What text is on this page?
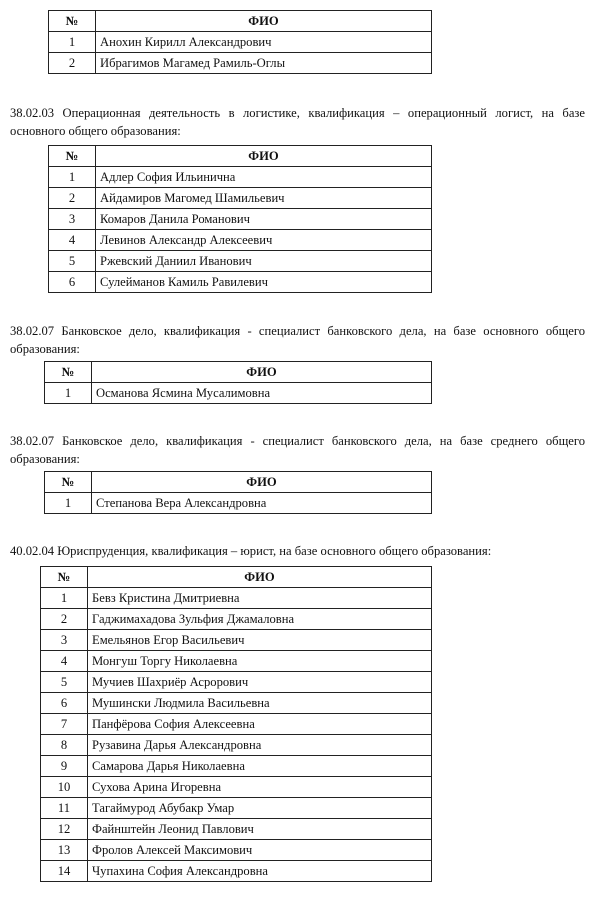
№	ФИО
1	Анохин Кирилл Александрович
2	Ибрагимов Магамед Рамиль-Оглы
38.02.03 Операционная деятельность в логистике, квалификация – операционный логист, на базе основного общего образования:
№	ФИО
1	Адлер София Ильинична
2	Айдамиров Магомед Шамильевич
3	Комаров Данила Романович
4	Левинов Александр Алексеевич
5	Ржевский Даниил Иванович
6	Сулейманов Камиль Равилевич
38.02.07 Банковское дело, квалификация - специалист банковского дела, на базе основного общего образования:
№	ФИО
1	Османова Ясмина Мусалимовна
38.02.07 Банковское дело, квалификация - специалист банковского дела, на базе среднего общего образования:
№	ФИО
1	Степанова Вера Александровна
40.02.04 Юриспруденция, квалификация – юрист, на базе основного общего образования:
№	ФИО
1	Бевз Кристина Дмитриевна
2	Гаджимахадова Зульфия Джамаловна
3	Емельянов Егор Васильевич
4	Монгуш Торгу Николаевна
5	Мучиев Шахриёр Асрорович
6	Мушински Людмила Васильевна
7	Панфёрова София Алексеевна
8	Рузавина Дарья Александровна
9	Самарова Дарья Николаевна
10	Сухова Арина Игоревна
11	Тагаймурод Абубакр Умар
12	Файнштейн Леонид Павлович
13	Фролов Алексей Максимович
14	Чупахина София Александровна
